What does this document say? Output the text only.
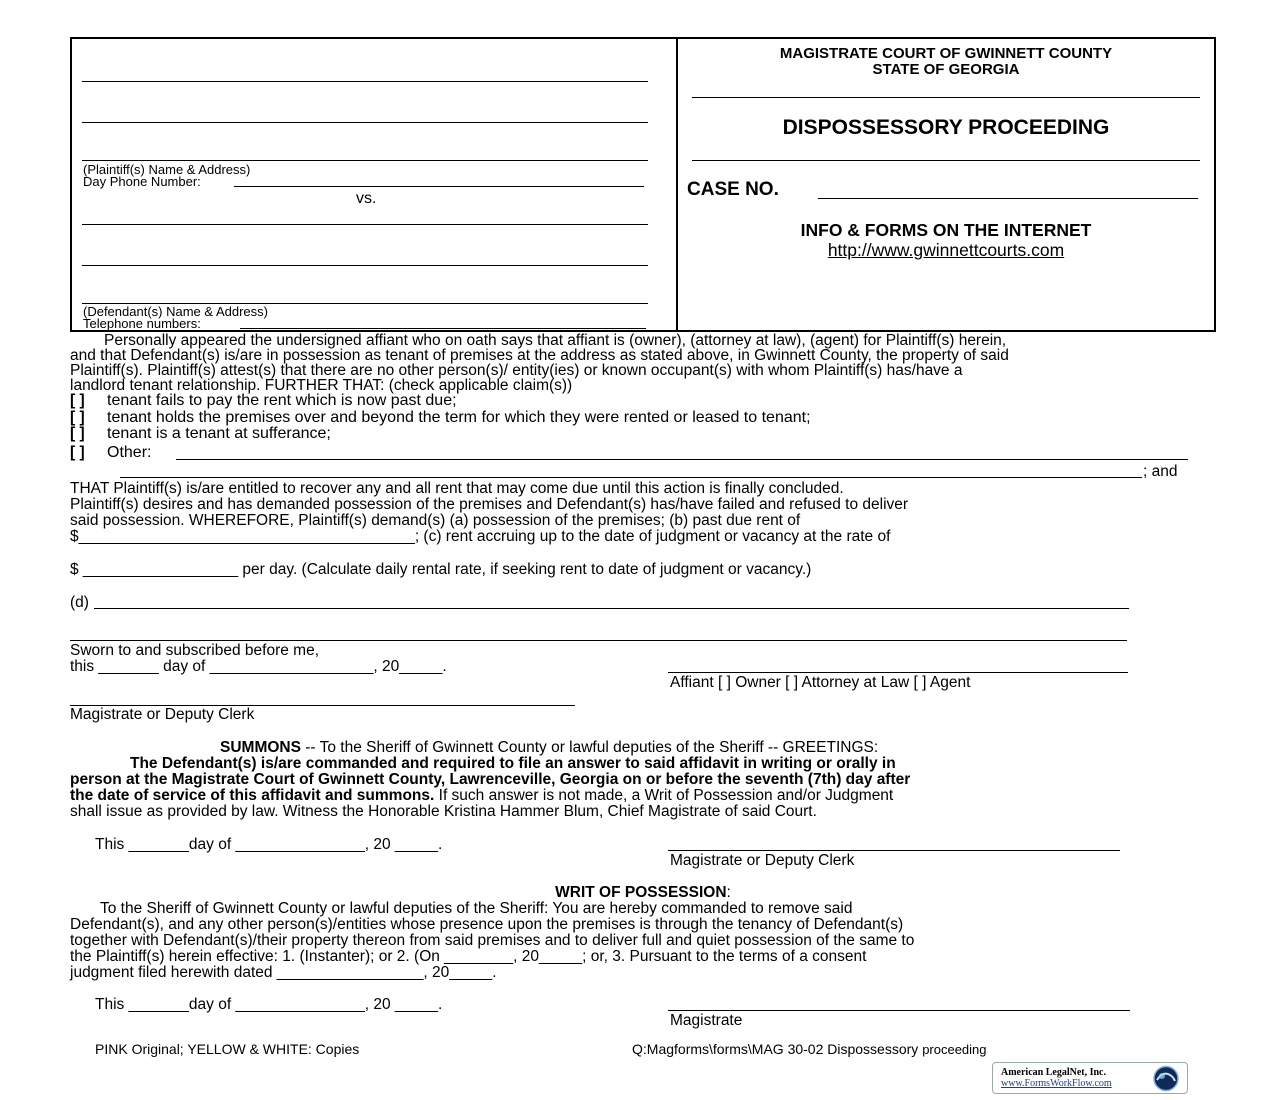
(Plaintiff(s) Name & Address)
Day Phone Number:
vs.
(Defendant(s) Name & Address)
Telephone numbers:
MAGISTRATE COURT OF GWINNETT COUNTY
STATE OF GEORGIA
DISPOSSESSORY PROCEEDING
CASE NO.
INFO & FORMS ON THE INTERNET
http://www.gwinnettcourts.com
Personally appeared the undersigned affiant who on oath says that affiant is (owner), (attorney at law), (agent) for Plaintiff(s) herein,
and that Defendant(s) is/are in possession as tenant of premises at the address as stated above, in Gwinnett County, the property of said
Plaintiff(s). Plaintiff(s) attest(s) that there are no other person(s)/ entity(ies) or known occupant(s) with whom Plaintiff(s) has/have a
landlord tenant relationship. FURTHER THAT: (check applicable claim(s))
[ ] tenant fails to pay the rent which is now past due;
[ ] tenant holds the premises over and beyond the term for which they were rented or leased to tenant;
[ ] tenant is a tenant at sufferance;
[ ] Other:
; and
THAT Plaintiff(s) is/are entitled to recover any and all rent that may come due until this action is finally concluded.
Plaintiff(s) desires and has demanded possession of the premises and Defendant(s) has/have failed and refused to deliver
said possession. WHEREFORE, Plaintiff(s) demand(s) (a) possession of the premises; (b) past due rent of
$_______________________________________; (c) rent accruing up to the date of judgment or vacancy at the rate of
$ __________________ per day. (Calculate daily rental rate, if seeking rent to date of judgment or vacancy.)
(d)
Sworn to and subscribed before me,
this _______ day of ___________________, 20_____.
Affiant [ ] Owner [ ] Attorney at Law [ ] Agent
Magistrate or Deputy Clerk
SUMMONS -- To the Sheriff of Gwinnett County or lawful deputies of the Sheriff -- GREETINGS:
The Defendant(s) is/are commanded and required to file an answer to said affidavit in writing or orally in
person at the Magistrate Court of Gwinnett County, Lawrenceville, Georgia on or before the seventh (7th) day after
the date of service of this affidavit and summons. If such answer is not made, a Writ of Possession and/or Judgment
shall issue as provided by law. Witness the Honorable Kristina Hammer Blum, Chief Magistrate of said Court.
This _______day of _______________, 20 _____.
Magistrate or Deputy Clerk
WRIT OF POSSESSION:
To the Sheriff of Gwinnett County or lawful deputies of the Sheriff: You are hereby commanded to remove said
Defendant(s), and any other person(s)/entities whose presence upon the premises is through the tenancy of Defendant(s)
together with Defendant(s)/their property thereon from said premises and to deliver full and quiet possession of the same to
the Plaintiff(s) herein effective: 1. (Instanter); or 2. (On ________, 20_____; or, 3. Pursuant to the terms of a consent
judgment filed herewith dated _________________, 20_____.
This _______day of _______________, 20 _____.
Magistrate
PINK Original; YELLOW & WHITE: Copies	Q:Magforms\forms\MAG 30-02 Dispossessory proceeding
American LegalNet, Inc.
www.FormsWorkFlow.com
